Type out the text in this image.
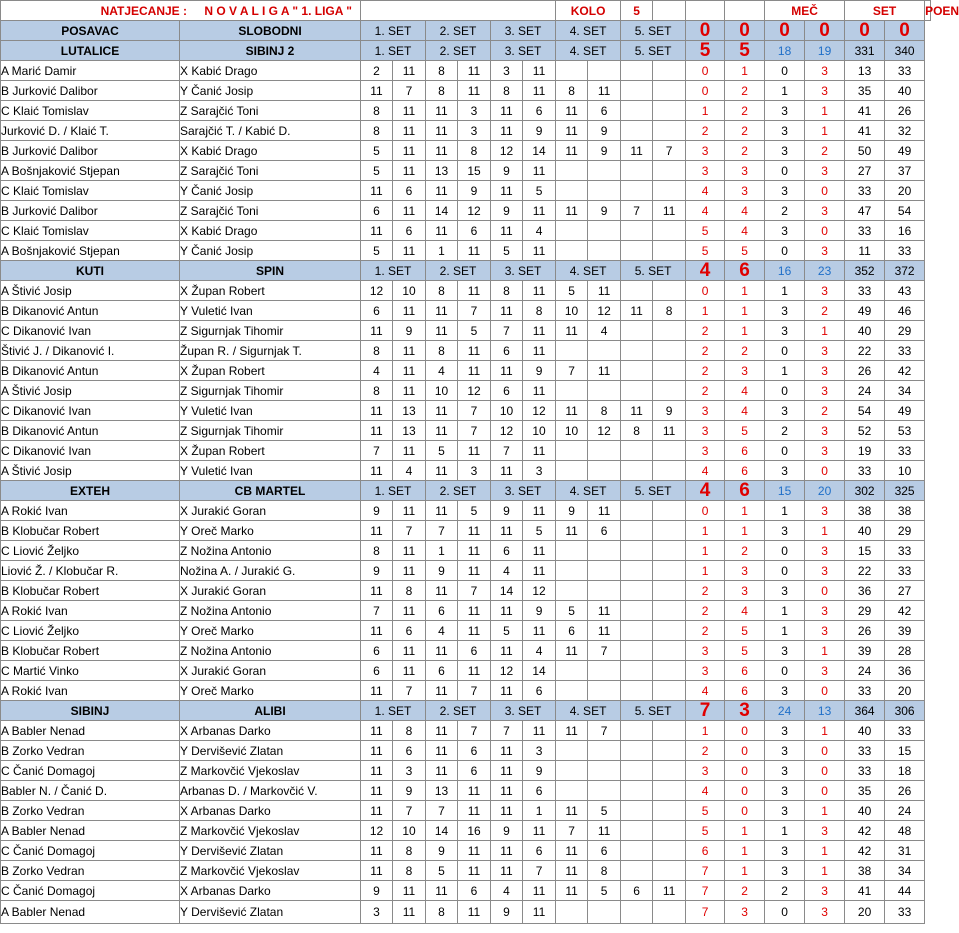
NATJECANJE : N O V A L I G A " 1. LIGA "								KOLO		5				MEČ		SET		POEN
POSAVAC	SLOBODNI	1. SET		2. SET		3. SET		4. SET		5. SET		0	0	0	0	0	0	
LUTALICE	SIBINJ 2	1. SET		2. SET		3. SET		4. SET		5. SET		5	5	18	19	331	340	
A Marić Damir	X Kabić Drago	2	11	8	11	3	11					0	1	0	3	13	33	
B Jurković Dalibor	Y Čanić Josip	11	7	8	11	8	11	8	11			0	2	1	3	35	40	
C Klaić Tomislav	Z Sarajčić Toni	8	11	11	3	11	6	11	6			1	2	3	1	41	26	
Jurković D. / Klaić T.	Sarajčić T. / Kabić D.	8	11	11	3	11	9	11	9			2	2	3	1	41	32	
B Jurković Dalibor	X Kabić Drago	5	11	11	8	12	14	11	9	11	7	3	2	3	2	50	49	
A Bošnjaković Stjepan	Z Sarajčić Toni	5	11	13	15	9	11					3	3	0	3	27	37	
C Klaić Tomislav	Y Čanić Josip	11	6	11	9	11	5					4	3	3	0	33	20	
B Jurković Dalibor	Z Sarajčić Toni	6	11	14	12	9	11	11	9	7	11	4	4	2	3	47	54	
C Klaić Tomislav	X Kabić Drago	11	6	11	6	11	4					5	4	3	0	33	16	
A Bošnjaković Stjepan	Y Čanić Josip	5	11	1	11	5	11					5	5	0	3	11	33	
KUTI	SPIN	1. SET		2. SET		3. SET		4. SET		5. SET		4	6	16	23	352	372	
A Štivić Josip	X Župan Robert	12	10	8	11	8	11	5	11			0	1	1	3	33	43	
B Dikanović Antun	Y Vuletić Ivan	6	11	11	7	11	8	10	12	11	8	1	1	3	2	49	46	
C Dikanović Ivan	Z Sigurnjak Tihomir	11	9	11	5	7	11	11	4			2	1	3	1	40	29	
Štivić J. / Dikanović I.	Župan R. / Sigurnjak T.	8	11	8	11	6	11					2	2	0	3	22	33	
B Dikanović Antun	X Župan Robert	4	11	4	11	11	9	7	11			2	3	1	3	26	42	
A Štivić Josip	Z Sigurnjak Tihomir	8	11	10	12	6	11					2	4	0	3	24	34	
C Dikanović Ivan	Y Vuletić Ivan	11	13	11	7	10	12	11	8	11	9	3	4	3	2	54	49	
B Dikanović Antun	Z Sigurnjak Tihomir	11	13	11	7	12	10	10	12	8	11	3	5	2	3	52	53	
C Dikanović Ivan	X Župan Robert	7	11	5	11	7	11					3	6	0	3	19	33	
A Štivić Josip	Y Vuletić Ivan	11	4	11	3	11	3					4	6	3	0	33	10	
EXTEH	CB MARTEL	1. SET		2. SET		3. SET		4. SET		5. SET		4	6	15	20	302	325	
A Rokić Ivan	X Jurakić Goran	9	11	11	5	9	11	9	11			0	1	1	3	38	38	
B Klobučar Robert	Y Oreč Marko	11	7	7	11	11	5	11	6			1	1	3	1	40	29	
C Liović Željko	Z Nožina Antonio	8	11	1	11	6	11					1	2	0	3	15	33	
Liović Ž. / Klobučar R.	Nožina A. / Jurakić G.	9	11	9	11	4	11					1	3	0	3	22	33	
B Klobučar Robert	X Jurakić Goran	11	8	11	7	14	12					2	3	3	0	36	27	
A Rokić Ivan	Z Nožina Antonio	7	11	6	11	11	9	5	11			2	4	1	3	29	42	
C Liović Željko	Y Oreč Marko	11	6	4	11	5	11	6	11			2	5	1	3	26	39	
B Klobučar Robert	Z Nožina Antonio	6	11	11	6	11	4	11	7			3	5	3	1	39	28	
C Martić Vinko	X Jurakić Goran	6	11	6	11	12	14					3	6	0	3	24	36	
A Rokić Ivan	Y Oreč Marko	11	7	11	7	11	6					4	6	3	0	33	20	
SIBINJ	ALIBI	1. SET		2. SET		3. SET		4. SET		5. SET		7	3	24	13	364	306	
A Babler Nenad	X Arbanas Darko	11	8	11	7	7	11	11	7			1	0	3	1	40	33	
B Zorko Vedran	Y Dervišević Zlatan	11	6	11	6	11	3					2	0	3	0	33	15	
C Čanić Domagoj	Z Markovčić Vjekoslav	11	3	11	6	11	9					3	0	3	0	33	18	
Babler N. / Čanić D.	Arbanas D. / Markovčić V.	11	9	13	11	11	6					4	0	3	0	35	26	
B Zorko Vedran	X Arbanas Darko	11	7	7	11	11	1	11	5			5	0	3	1	40	24	
A Babler Nenad	Z Markovčić Vjekoslav	12	10	14	16	9	11	7	11			5	1	1	3	42	48	
C Čanić Domagoj	Y Dervišević Zlatan	11	8	9	11	11	6	11	6			6	1	3	1	42	31	
B Zorko Vedran	Z Markovčić Vjekoslav	11	8	5	11	11	7	11	8			7	1	3	1	38	34	
C Čanić Domagoj	X Arbanas Darko	9	11	11	6	4	11	11	5	6	11	7	2	2	3	41	44	
A Babler Nenad	Y Dervišević Zlatan	3	11	8	11	9	11					7	3	0	3	20	33	
